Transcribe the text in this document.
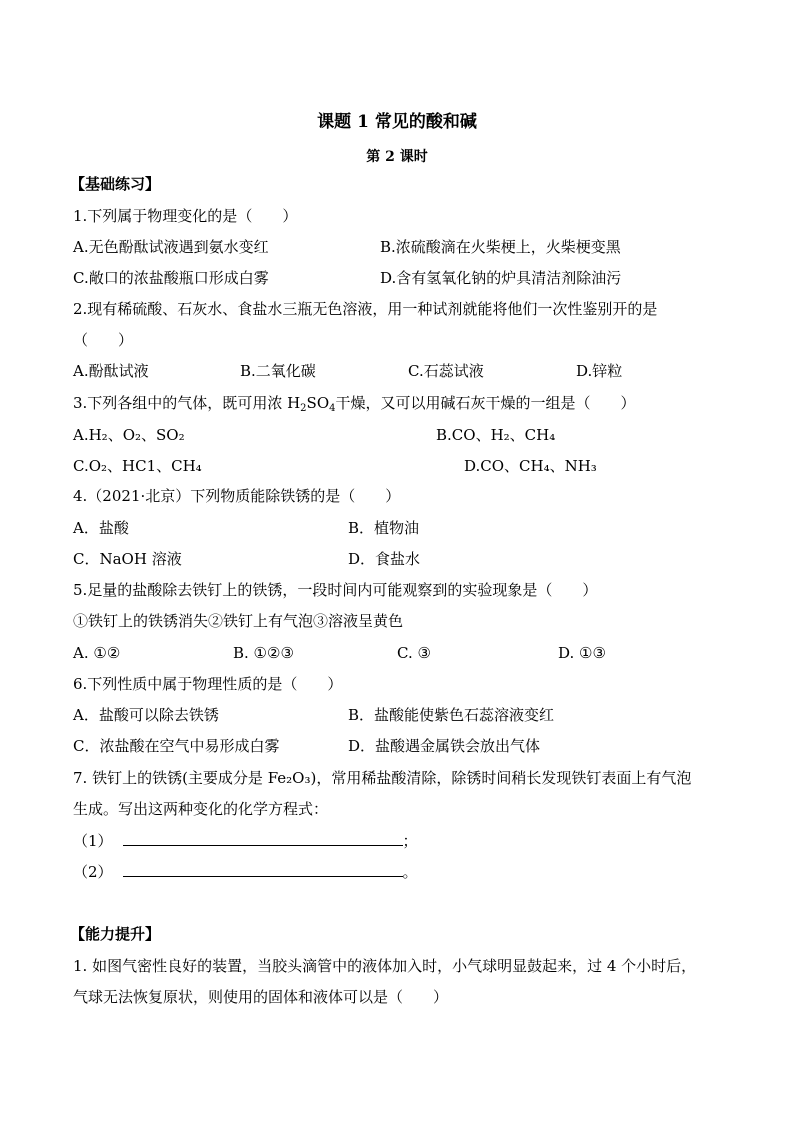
课题 1 常见的酸和碱
第 2 课时
【基础练习】
1.下列属于物理变化的是（　　）
A.无色酚酞试液遇到氨水变红	B.浓硫酸滴在火柴梗上，火柴梗变黑
C.敞口的浓盐酸瓶口形成白雾	D.含有氢氧化钠的炉具清洁剂除油污
2.现有稀硫酸、石灰水、食盐水三瓶无色溶液，用一种试剂就能将他们一次性鉴别开的是
（　　）
A.酚酞试液	B.二氧化碳	C.石蕊试液	D.锌粒
3.下列各组中的气体，既可用浓 $H_2SO_4$干燥，又可以用碱石灰干燥的一组是（　　）
A.H₂、O₂、SO₂	B.CO、H₂、CH₄
C.O₂、HC1、CH₄	D.CO、CH₄、NH₃
4.（2021·北京）下列物质能除铁锈的是（　　）
A．盐酸	B．植物油
C．NaOH 溶液	D．食盐水
5.足量的盐酸除去铁钉上的铁锈，一段时间内可能观察到的实验现象是（　　）
①铁钉上的铁锈消失②铁钉上有气泡③溶液呈黄色
A. ①②	B. ①②③	C. ③	D. ①③
6.下列性质中属于物理性质的是（　　）
A．盐酸可以除去铁锈	B．盐酸能使紫色石蕊溶液变红
C．浓盐酸在空气中易形成白雾	D．盐酸遇金属铁会放出气体
7. 铁钉上的铁锈(主要成分是 Fe₂O₃)，常用稀盐酸清除，除锈时间稍长发现铁钉表面上有气泡
生成。写出这两种变化的化学方程式：
（1）	；
（2）	。
【能力提升】
1. 如图气密性良好的装置，当胶头滴管中的液体加入时，小气球明显鼓起来，过 4 个小时后，
气球无法恢复原状，则使用的固体和液体可以是（　　）
